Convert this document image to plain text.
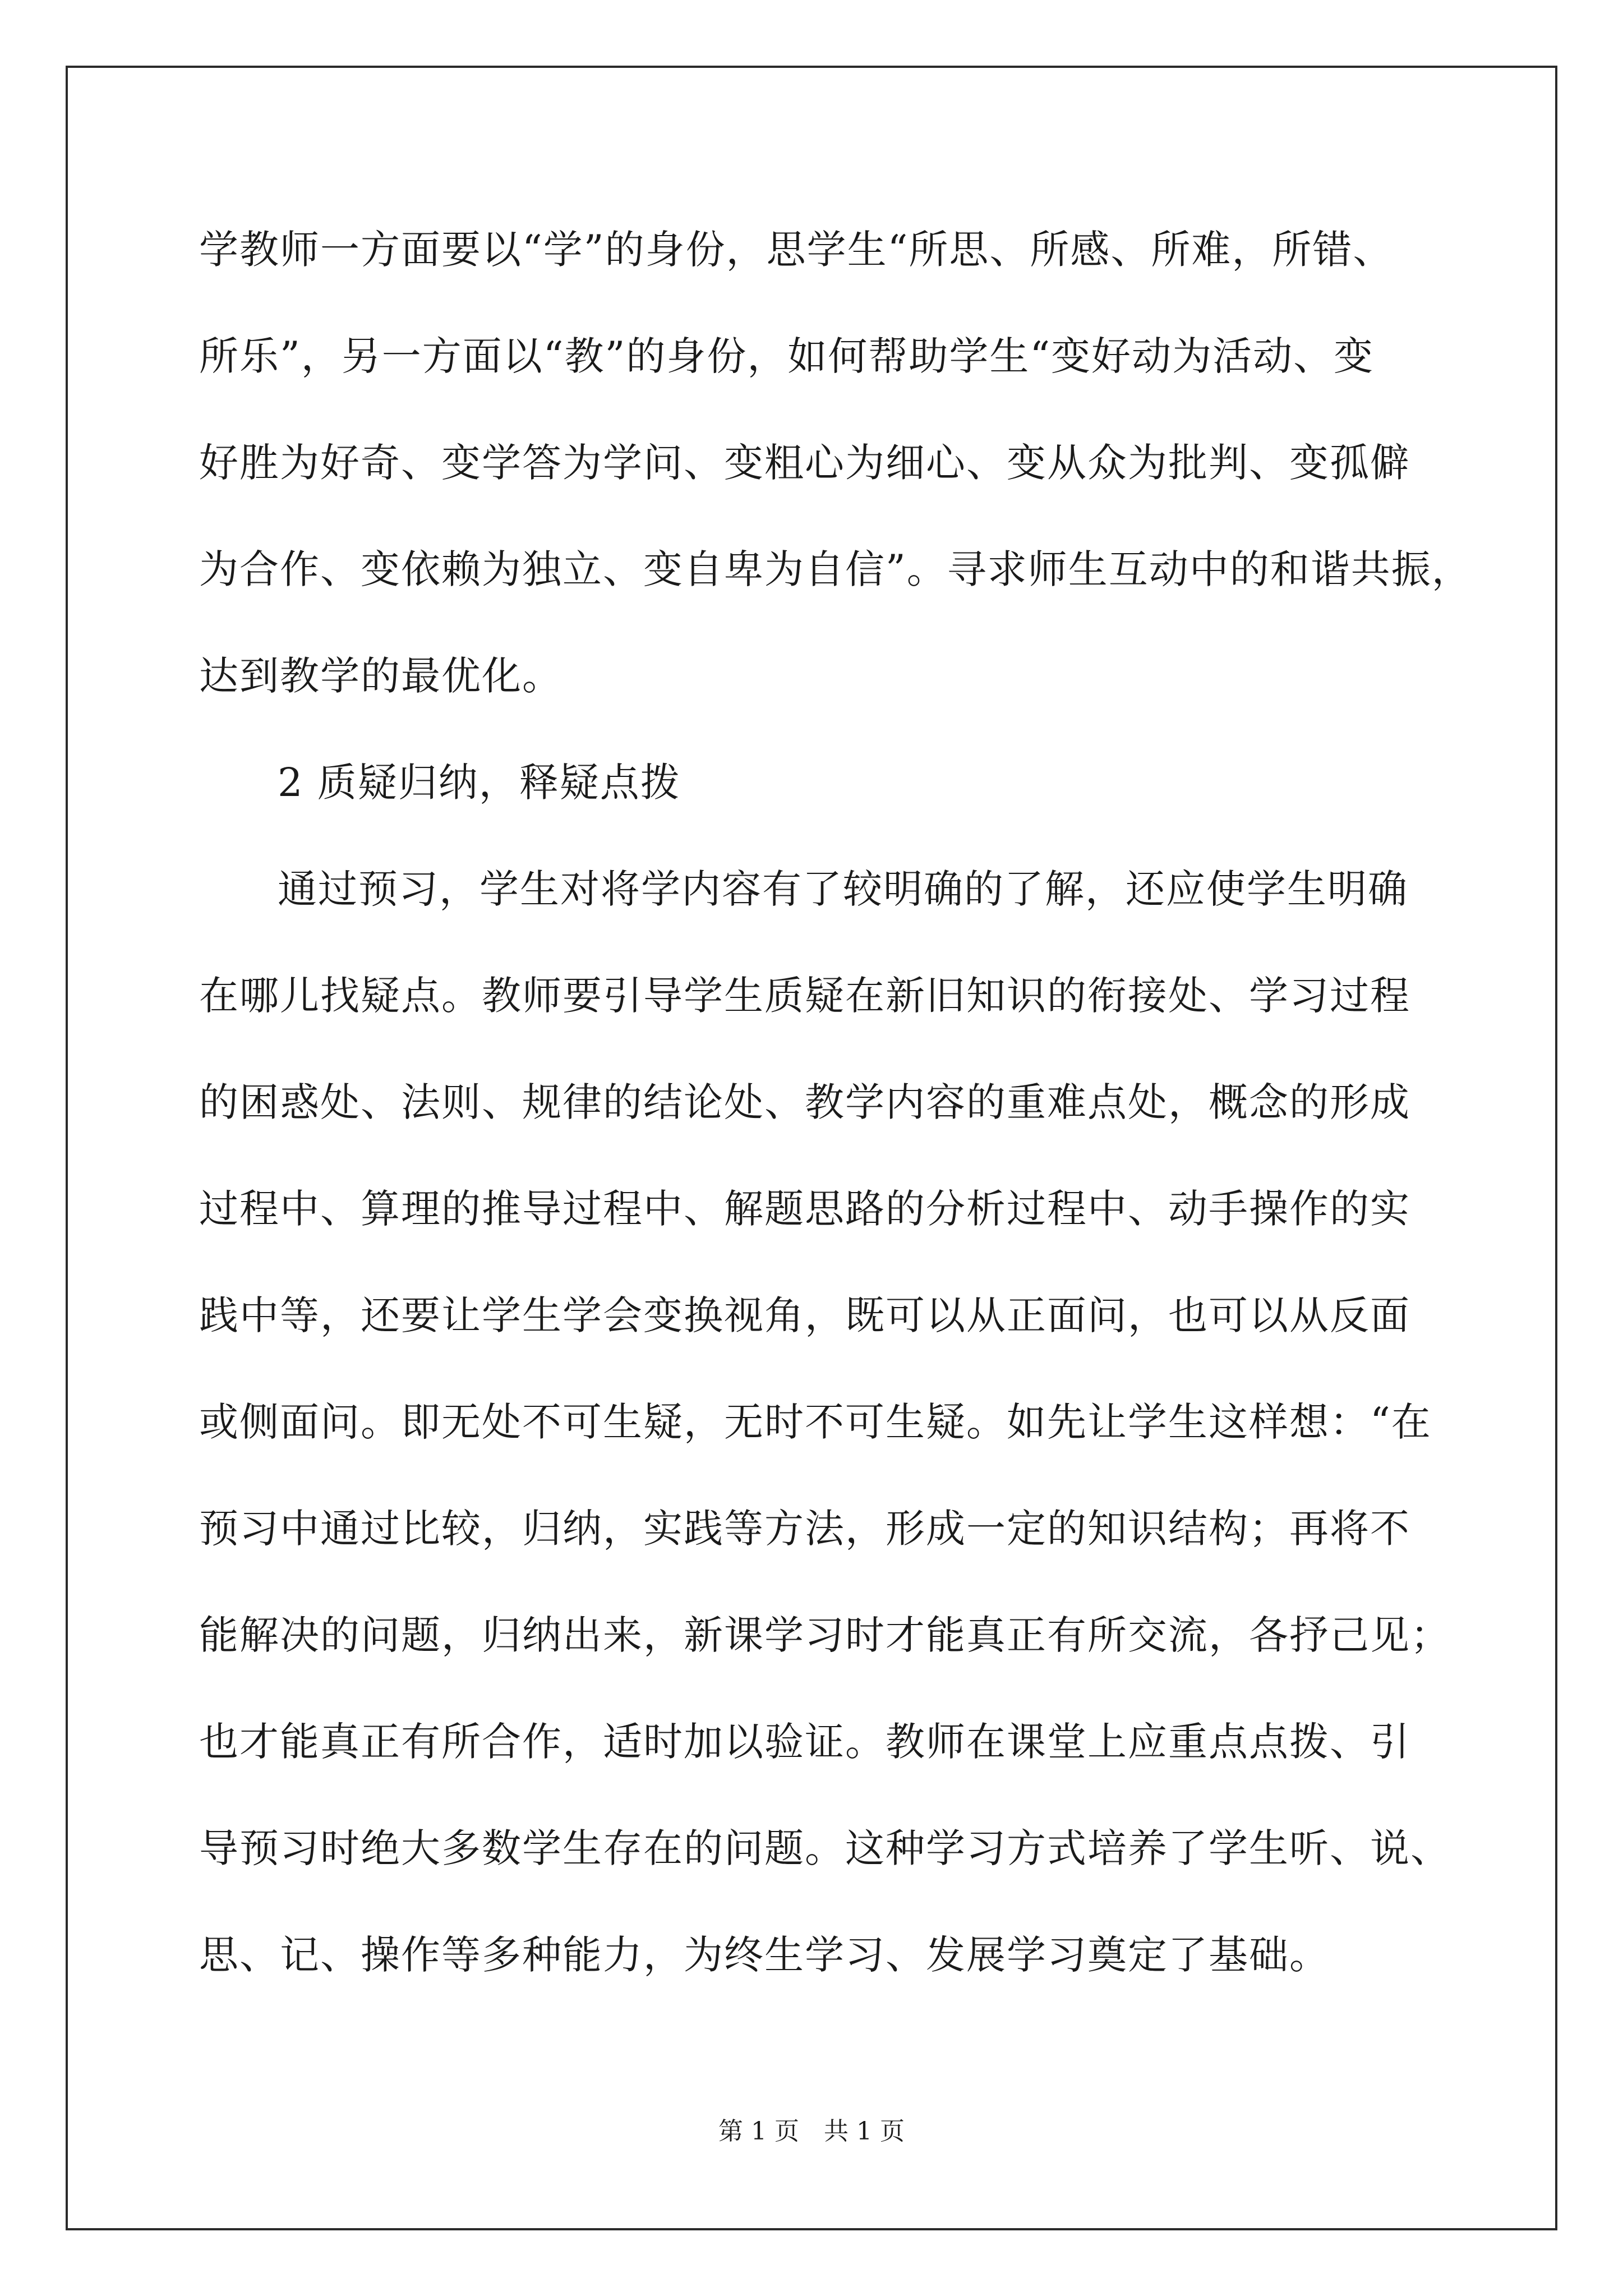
学教师一方面要以“学”的身份，思学生“所思、所感、所难，所错、
所乐”，另一方面以“教”的身份，如何帮助学生“变好动为活动、变
好胜为好奇、变学答为学问、变粗心为细心、变从众为批判、变孤僻
为合作、变依赖为独立、变自卑为自信”。寻求师生互动中的和谐共振，
达到教学的最优化。
2 质疑归纳，释疑点拨
通过预习，学生对将学内容有了较明确的了解，还应使学生明确
在哪儿找疑点。教师要引导学生质疑在新旧知识的衔接处、学习过程
的困惑处、法则、规律的结论处、教学内容的重难点处，概念的形成
过程中、算理的推导过程中、解题思路的分析过程中、动手操作的实
践中等，还要让学生学会变换视角，既可以从正面问，也可以从反面
或侧面问。即无处不可生疑，无时不可生疑。如先让学生这样想：“在
预习中通过比较，归纳，实践等方法，形成一定的知识结构；再将不
能解决的问题，归纳出来，新课学习时才能真正有所交流，各抒己见；
也才能真正有所合作，适时加以验证。教师在课堂上应重点点拨、引
导预习时绝大多数学生存在的问题。这种学习方式培养了学生听、说、
思、记、操作等多种能力，为终生学习、发展学习奠定了基础。
第 1 页　共 1 页
